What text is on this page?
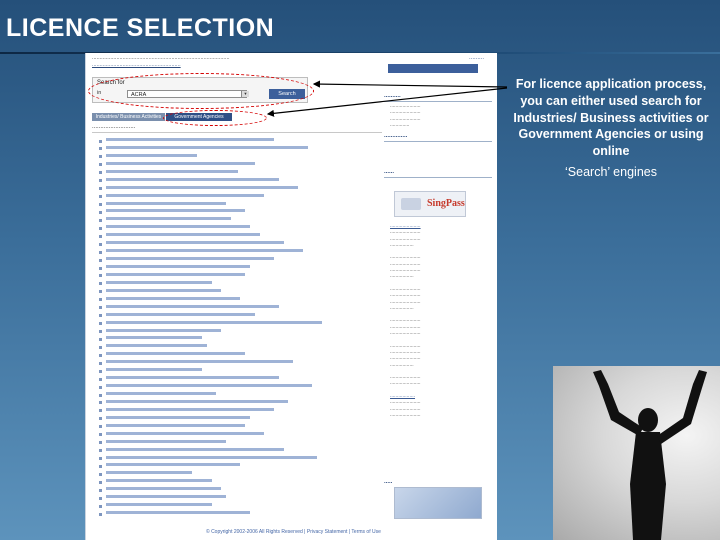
LICENCE SELECTION
..........................................................................................
..........................................................
Search for
in	ACRA	▼	Search
Industries/ Business Activities	Government Agencies
..........................
© Copyright 2002-2006 All Rights Reserved | Privacy Statement | Terms of Use
.........
..........
......................
......................
......................
..............
..............
SingPass
......
......................
......................
......................
.................

......................
......................
......................
.................

......................
......................
......................
.................

......................
......................
......................

......................
......................
......................
.................

......................
......................

..................
......................
......................
......................

.....
For licence application process, you can either used search for Industries/ Business activities or Government Agencies or using online
‘Search’ engines
